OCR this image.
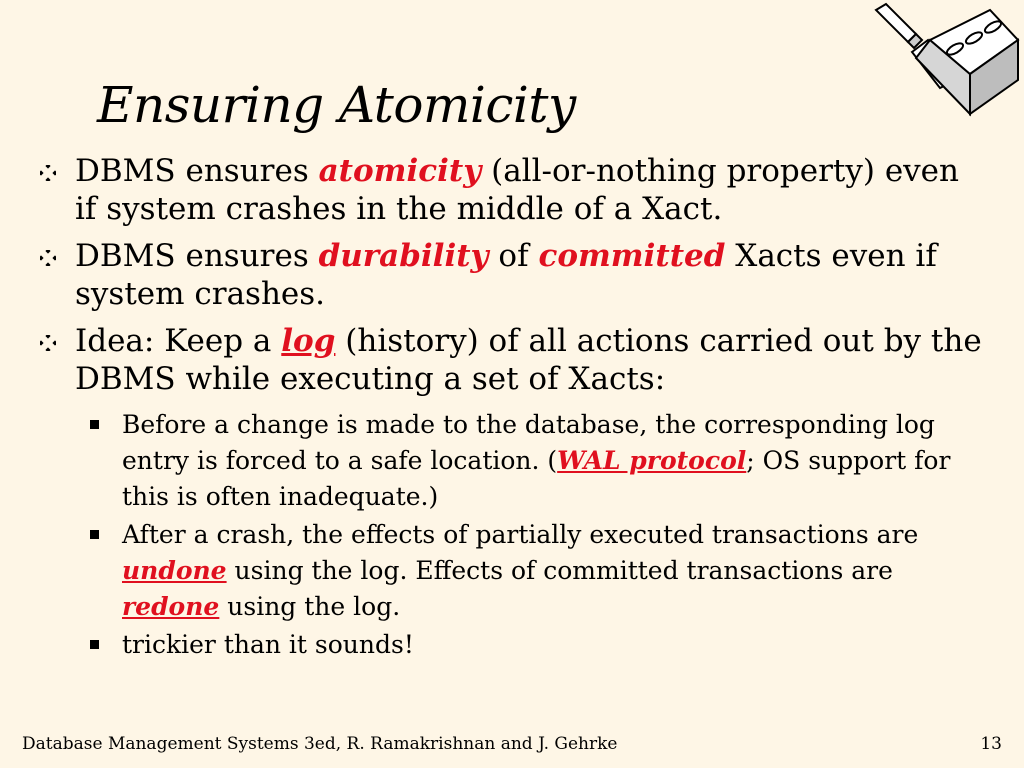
Ensuring Atomicity
DBMS ensures atomicity (all-or-nothing property) even if system crashes in the middle of a Xact.
DBMS ensures durability of committed Xacts even if system crashes.
Idea: Keep a log (history) of all actions carried out by the DBMS while executing a set of Xacts:
Before a change is made to the database, the corresponding log entry is forced to a safe location. (WAL protocol; OS support for this is often inadequate.)
After a crash, the effects of partially executed transactions are undone using the log. Effects of committed transactions are redone using the log.
trickier than it sounds!
Database Management Systems 3ed, R. Ramakrishnan and J. Gehrke	13
